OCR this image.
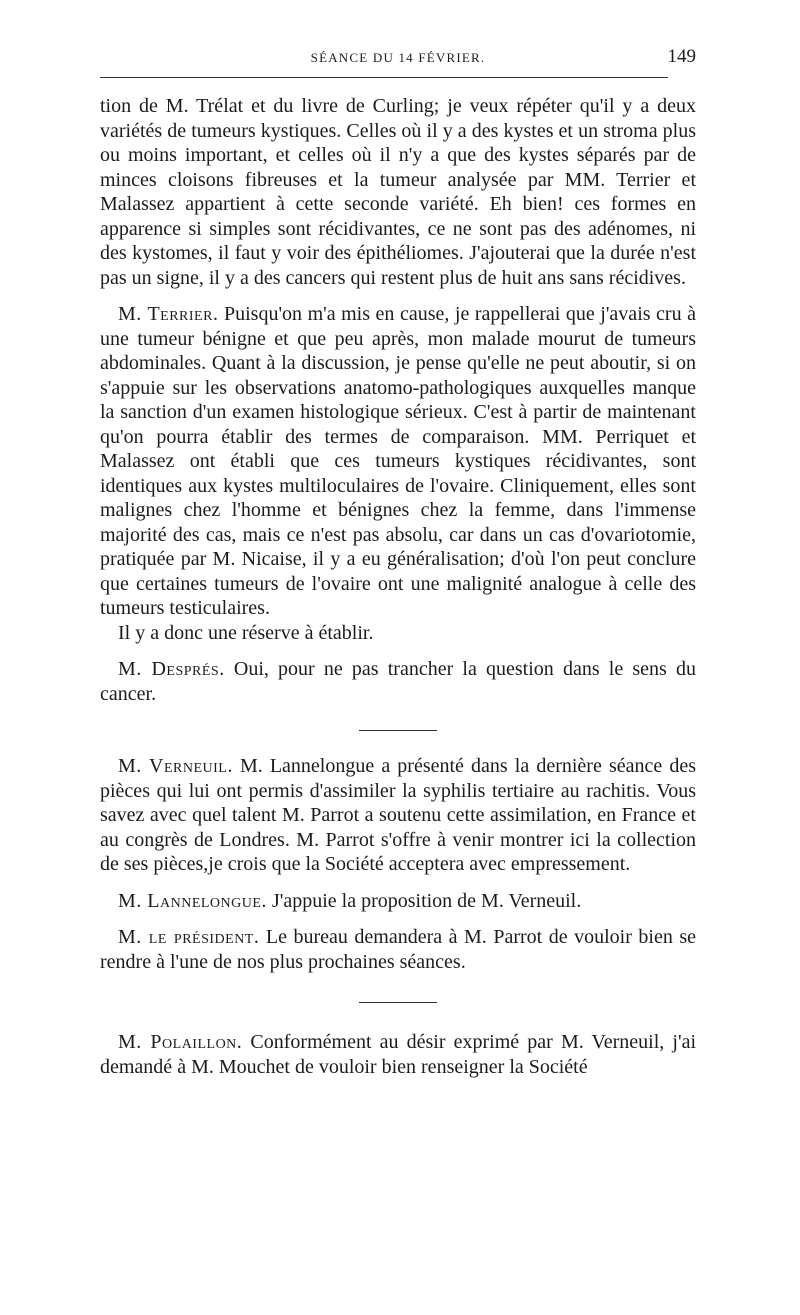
SÉANCE DU 14 FÉVRIER.	149

tion de M. Trélat et du livre de Curling; je veux répéter qu'il y a deux variétés de tumeurs kystiques. Celles où il y a des kystes et un stroma plus ou moins important, et celles où il n'y a que des kystes séparés par de minces cloisons fibreuses et la tumeur analysée par MM. Terrier et Malassez appartient à cette seconde variété. Eh bien! ces formes en apparence si simples sont récidivantes, ce ne sont pas des adénomes, ni des kystomes, il faut y voir des épithéliomes. J'ajouterai que la durée n'est pas un signe, il y a des cancers qui restent plus de huit ans sans récidives.

M. Terrier. Puisqu'on m'a mis en cause, je rappellerai que j'avais cru à une tumeur bénigne et que peu après, mon malade mourut de tumeurs abdominales. Quant à la discussion, je pense qu'elle ne peut aboutir, si on s'appuie sur les observations anatomo-pathologiques auxquelles manque la sanction d'un examen histologique sérieux. C'est à partir de maintenant qu'on pourra établir des termes de comparaison. MM. Perriquet et Malassez ont établi que ces tumeurs kystiques récidivantes, sont identiques aux kystes multiloculaires de l'ovaire. Cliniquement, elles sont malignes chez l'homme et bénignes chez la femme, dans l'immense majorité des cas, mais ce n'est pas absolu, car dans un cas d'ovariotomie, pratiquée par M. Nicaise, il y a eu généralisation; d'où l'on peut conclure que certaines tumeurs de l'ovaire ont une malignité analogue à celle des tumeurs testiculaires.

Il y a donc une réserve à établir.

M. Després. Oui, pour ne pas trancher la question dans le sens du cancer.

M. Verneuil. M. Lannelongue a présenté dans la dernière séance des pièces qui lui ont permis d'assimiler la syphilis tertiaire au rachitis. Vous savez avec quel talent M. Parrot a soutenu cette assimilation, en France et au congrès de Londres. M. Parrot s'offre à venir montrer ici la collection de ses pièces,je crois que la Société acceptera avec empressement.

M. Lannelongue. J'appuie la proposition de M. Verneuil.

M. le président. Le bureau demandera à M. Parrot de vouloir bien se rendre à l'une de nos plus prochaines séances.

M. Polaillon. Conformément au désir exprimé par M. Verneuil, j'ai demandé à M. Mouchet de vouloir bien renseigner la Société
